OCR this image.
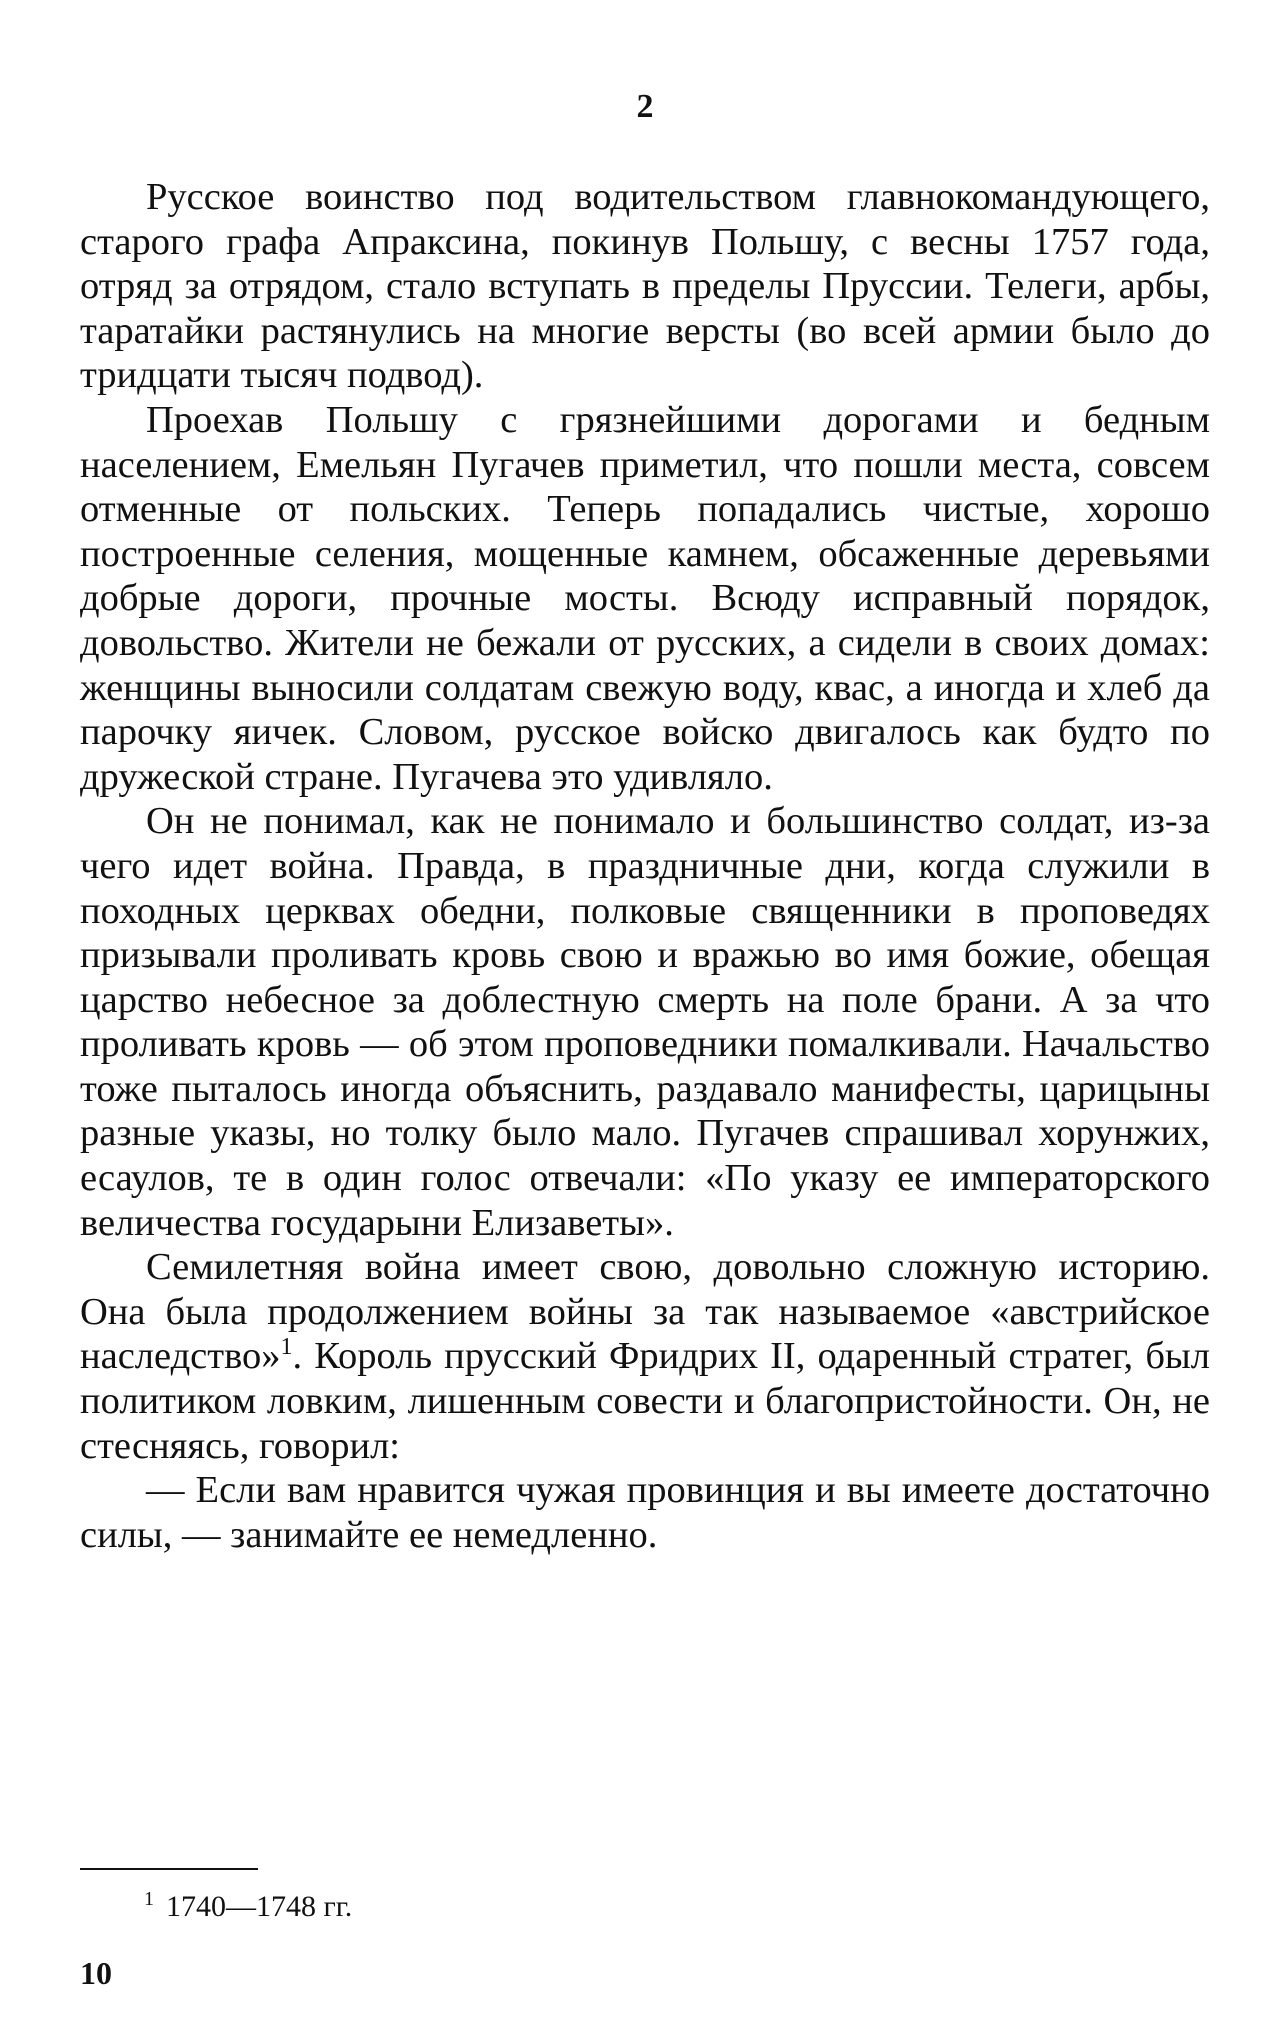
2

Русское воинство под водительством главнокомандующего, старого графа Апраксина, покинув Польшу, с весны 1757 года, отряд за отрядом, стало вступать в пределы Пруссии. Телеги, арбы, таратайки растянулись на многие версты (во всей армии было до тридцати тысяч подвод).

Проехав Польшу с грязнейшими дорогами и бедным населением, Емельян Пугачев приметил, что пошли места, совсем отменные от польских. Теперь попадались чистые, хорошо построенные селения, мощенные камнем, обсаженные деревьями добрые дороги, прочные мосты. Всюду исправный порядок, довольство. Жители не бежали от русских, а сидели в своих домах: женщины выносили солдатам свежую воду, квас, а иногда и хлеб да парочку яичек. Словом, русское войско двигалось как будто по дружеской стране. Пугачева это удивляло.

Он не понимал, как не понимало и большинство солдат, из-за чего идет война. Правда, в праздничные дни, когда служили в походных церквах обедни, полковые священники в проповедях призывали проливать кровь свою и вражью во имя божие, обещая царство небесное за доблестную смерть на поле брани. А за что проливать кровь — об этом проповедники помалкивали. Начальство тоже пыталось иногда объяснить, раздавало манифесты, царицыны разные указы, но толку было мало. Пугачев спрашивал хорунжих, есаулов, те в один голос отвечали: «По указу ее императорского величества государыни Елизаветы».

Семилетняя война имеет свою, довольно сложную историю. Она была продолжением войны за так называемое «австрийское наследство»$^1$. Король прусский Фридрих II, одаренный стратег, был политиком ловким, лишенным совести и благопристойности. Он, не стесняясь, говорил:

— Если вам нравится чужая провинция и вы имеете достаточно силы, — занимайте ее немедленно.

$^1$ 1740—1748 гг.

10
